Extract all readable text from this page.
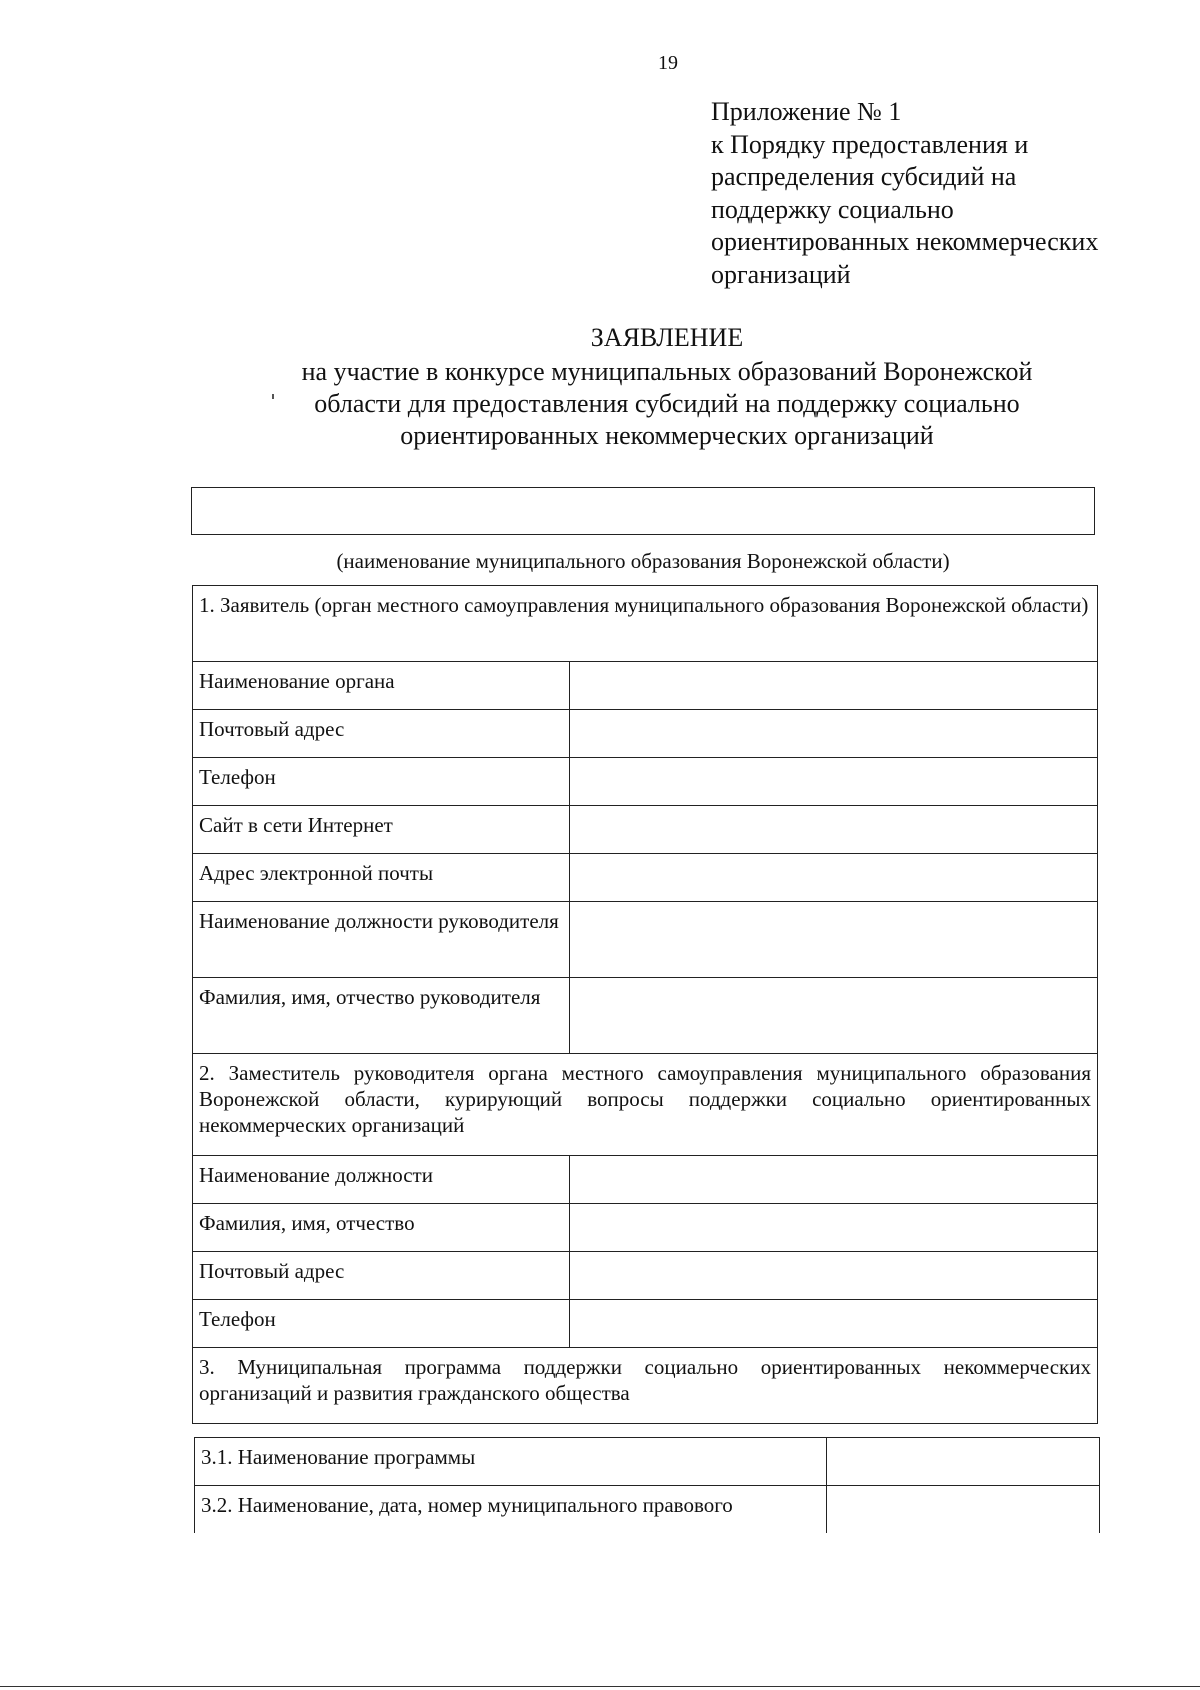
19
Приложение № 1
к Порядку предоставления и
распределения субсидий на
поддержку социально
ориентированных некоммерческих
организаций
ЗАЯВЛЕНИЕ
на участие в конкурсе муниципальных образований Воронежской
области для предоставления субсидий на поддержку социально
ориентированных некоммерческих организаций
(наименование муниципального образования Воронежской области)
1. Заявитель (орган местного самоуправления муниципального образования Воронежской области)	
Наименование органа	
Почтовый адрес	
Телефон	
Сайт в сети Интернет	
Адрес электронной почты	
Наименование должности руководителя	
Фамилия, имя, отчество руководителя	
2. Заместитель руководителя органа местного самоуправления муниципального образования Воронежской области, курирующий вопросы поддержки социально ориентированных некоммерческих организаций	
Наименование должности	
Фамилия, имя, отчество	
Почтовый адрес	
Телефон	
3. Муниципальная программа поддержки социально ориентированных некоммерческих организаций и развития гражданского общества	
3.1. Наименование программы	
3.2. Наименование, дата, номер муниципального правового	
